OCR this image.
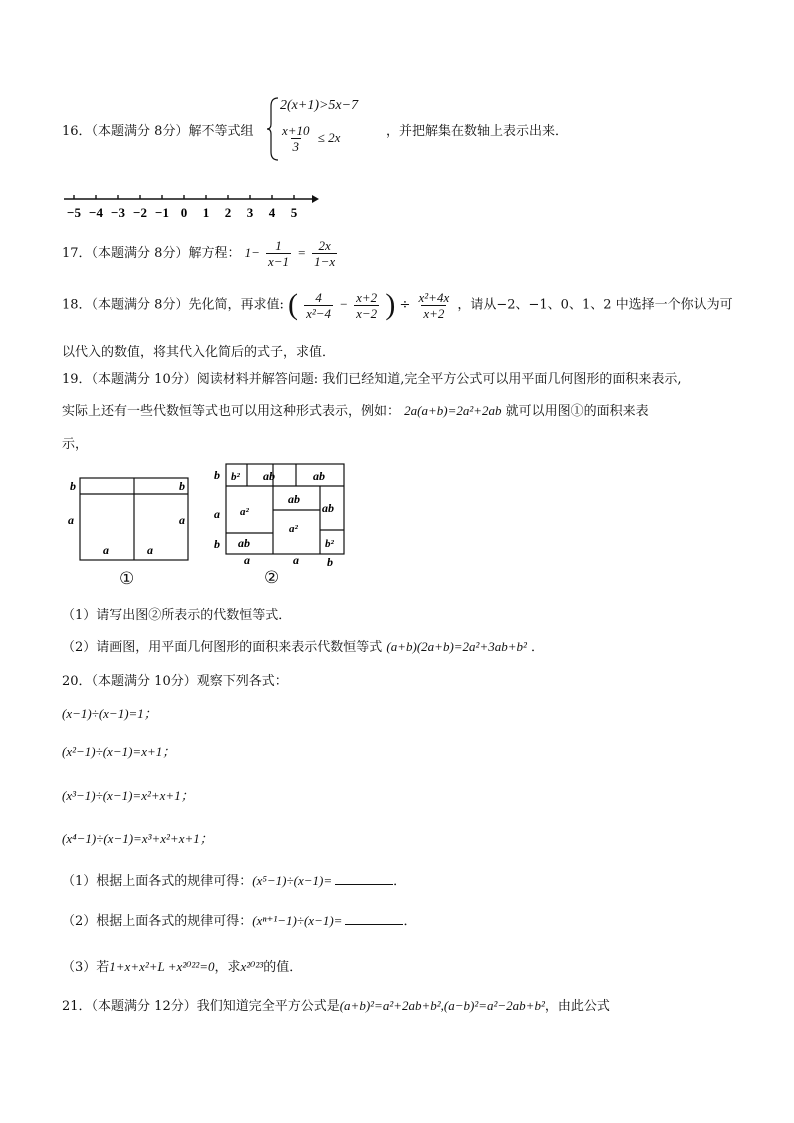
16．（本题满分 8分）解不等式组
2(x+1)>5x−7
$\frac{x+10}{3} \le 2x$	，并把解集在数轴上表示出来．
−5 −4 −3 −2 −1 0 1 2 3 4 5
17．（本题满分 8分）解方程： $1- \frac{1}{x-1} = \frac{2x}{1-x}$
18．（本题满分 8分）先化简，再求值: ( $\frac{4}{\text{x²−4}} - \frac{x+2}{x-2}$ ) ÷ $\frac{\text{x²+4x}}{x+2}$ ，请从−2、−1、0、1、2 中选择一个你认为可
以代入的数值，将其代入化简后的式子，求值．
19．（本题满分 10分）阅读材料并解答问题: 我们已经知道,完全平方公式可以用平面几何图形的面积来表示,
实际上还有一些代数恒等式也可以用这种形式表示，例如： 2a(a+b)=2a²+2ab 就可以用图①的面积来表
示，
b
a
b
a
a	a
①
b² ab	ab
a²
ab
a²
ab
ab	b²
b
a
b
a	a b
②
（1）请写出图②所表示的代数恒等式．
（2）请画图，用平面几何图形的面积来表示代数恒等式 (a+b)(2a+b)=2a²+3ab+b² ．
20．（本题满分 10分）观察下列各式：
(x−1)÷(x−1)=1；
(x²−1)÷(x−1)=x+1；
(x³−1)÷(x−1)=x²+x+1；
(x⁴−1)÷(x−1)=x³+x²+x+1；
（1）根据上面各式的规律可得：(x⁵−1)÷(x−1)=	．
（2）根据上面各式的规律可得：(xⁿ⁺¹−1)÷(x−1)=	．
（3）若1+x+x²+L +x²⁰²²=0，求x²⁰²³的值．
21．（本题满分 12分）我们知道完全平方公式是(a+b)²=a²+2ab+b²,(a−b)²=a²−2ab+b²，由此公式
